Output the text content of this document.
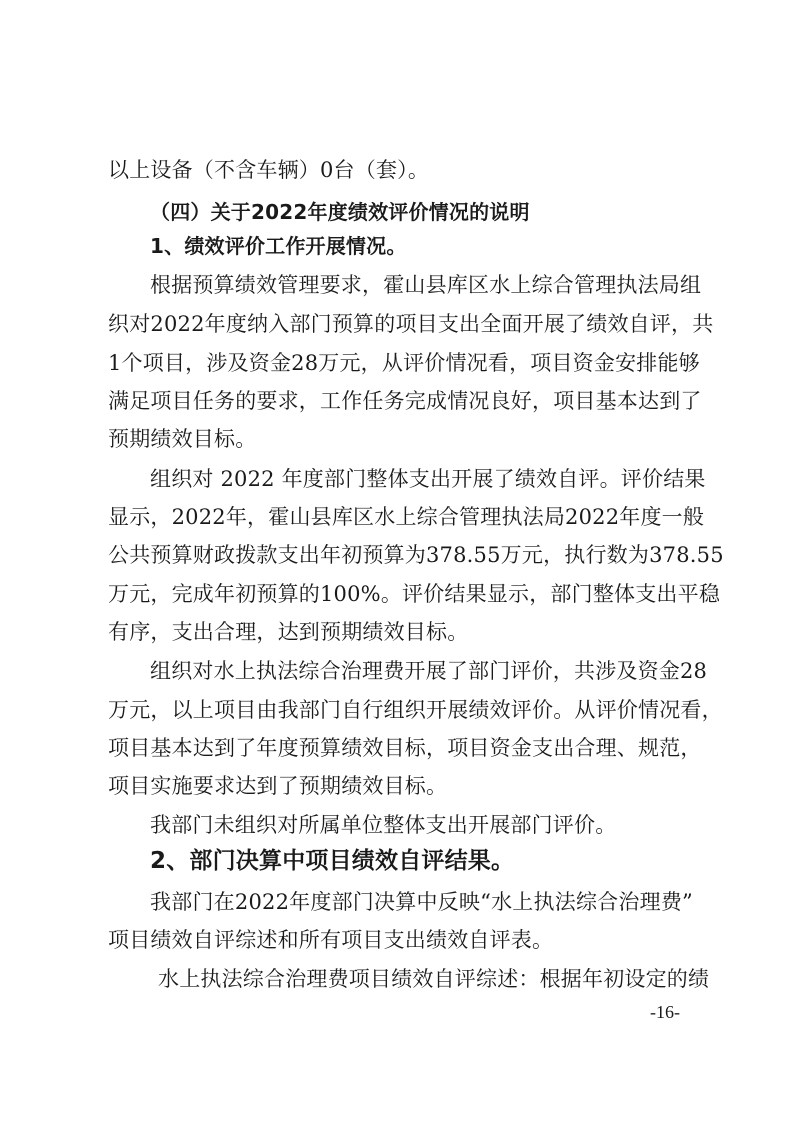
以上设备（不含车辆）0台（套）。
（四）关于2022年度绩效评价情况的说明
1、绩效评价工作开展情况。
根据预算绩效管理要求，霍山县库区水上综合管理执法局组
织对2022年度纳入部门预算的项目支出全面开展了绩效自评，共
1个项目，涉及资金28万元，从评价情况看，项目资金安排能够
满足项目任务的要求，工作任务完成情况良好，项目基本达到了
预期绩效目标。
组织对 2022 年度部门整体支出开展了绩效自评。评价结果
显示，2022年，霍山县库区水上综合管理执法局2022年度一般
公共预算财政拨款支出年初预算为378.55万元，执行数为378.55
万元，完成年初预算的100%。评价结果显示，部门整体支出平稳
有序，支出合理，达到预期绩效目标。
组织对水上执法综合治理费开展了部门评价，共涉及资金28
万元，以上项目由我部门自行组织开展绩效评价。从评价情况看，
项目基本达到了年度预算绩效目标，项目资金支出合理、规范，
项目实施要求达到了预期绩效目标。
我部门未组织对所属单位整体支出开展部门评价。
2、部门决算中项目绩效自评结果。
我部门在2022年度部门决算中反映“水上执法综合治理费”
项目绩效自评综述和所有项目支出绩效自评表。
水上执法综合治理费项目绩效自评综述：根据年初设定的绩
-16-
